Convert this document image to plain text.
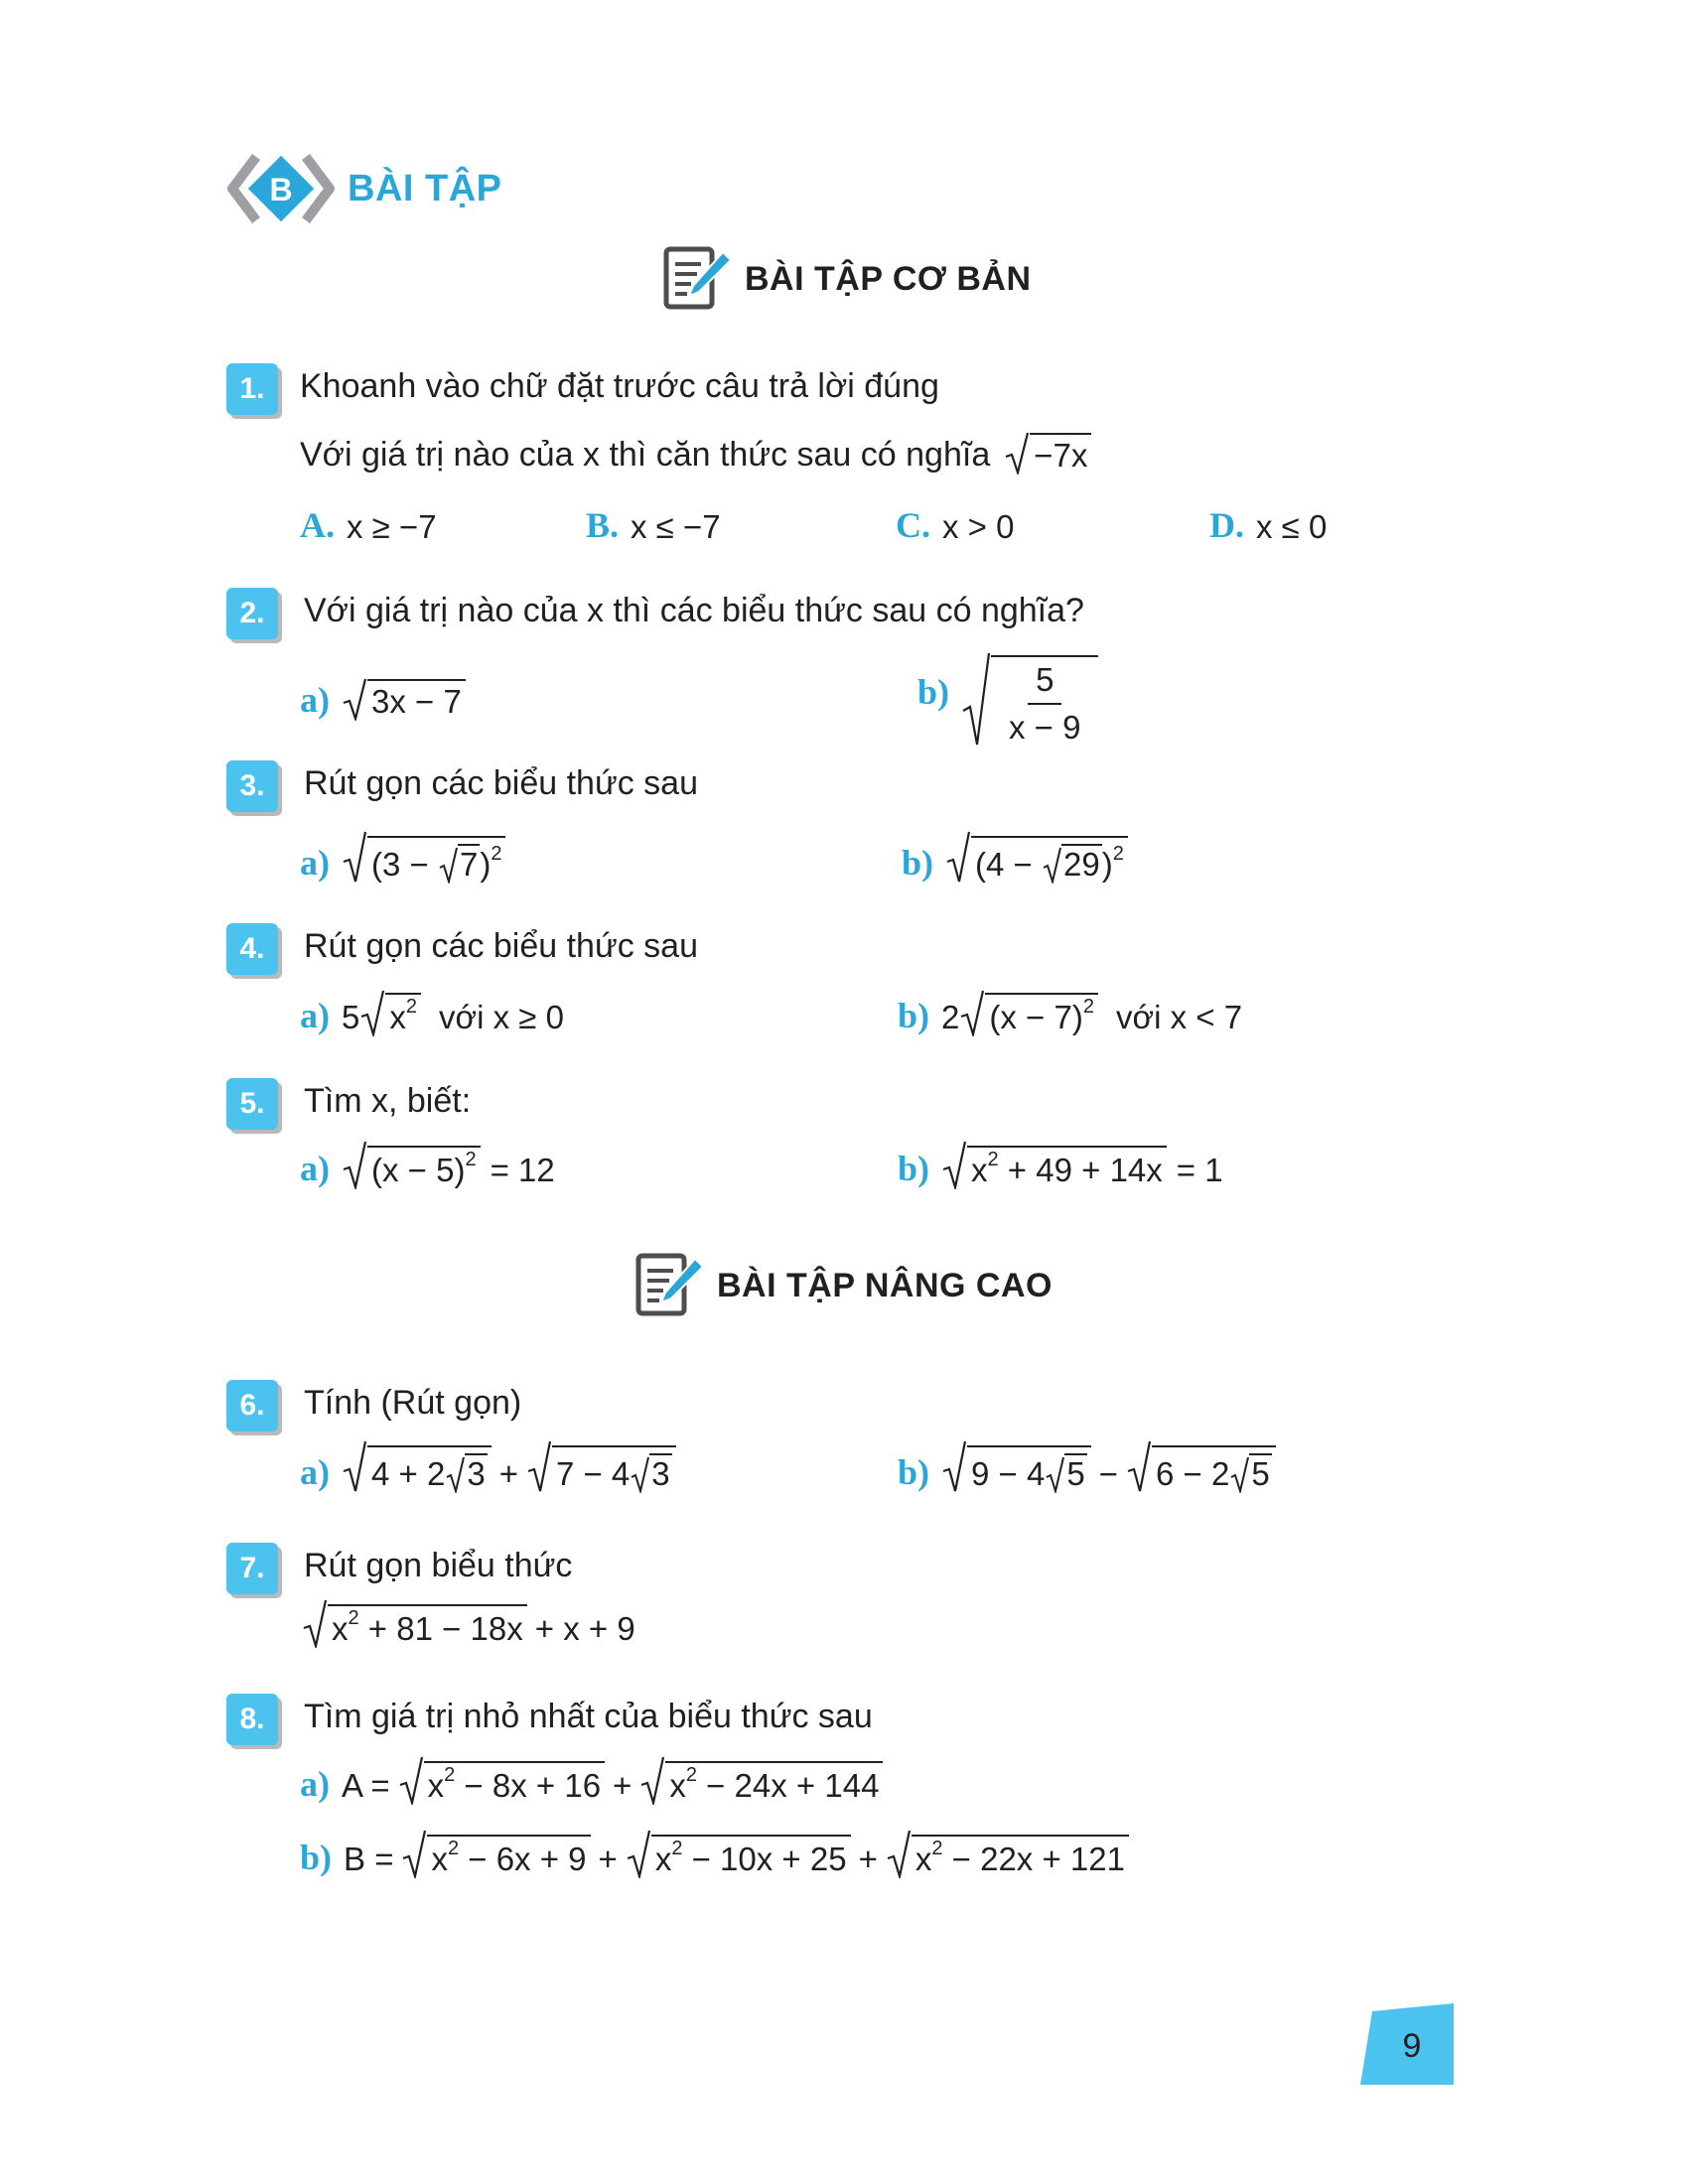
B BÀI TẬP
BÀI TẬP CƠ BẢN
1.	Khoanh vào chữ đặt trước câu trả lời đúng
Với giá trị nào của x thì căn thức sau có nghĩa −7x
A. x ≥ −7	B. x ≤ −7	C. x > 0	D. x ≤ 0
2.	Với giá trị nào của x thì các biểu thức sau có nghĩa?
a) 3x − 7	$b) \frac{5}{x - 9}$
3.	Rút gọn các biểu thức sau
a) (3 − 7 )$^2$	b) (4 − 29 )$^2$
4.	Rút gọn các biểu thức sau
a) 5 $x^2$ với x ≥ 0	b) 2 $(x - 7)^2$ với x < 7
5.	Tìm x, biết:
a) $(x - 5)^2 = 12$	b) $x^2 + 49 + 14x = 1$
BÀI TẬP NÂNG CAO
6.	Tính (Rút gọn)
a) 4 + 2 3 + 7 − 4 3	b) 9 − 4 5 − 6 − 2 5
7.	Rút gọn biểu thức
$x^2 + 81 - 18x + x + 9$
8.	Tìm giá trị nhỏ nhất của biểu thức sau
a) $A = x^2 - 8x + 16 + x^2 - 24x + 144$
b) $B = x^2 - 6x + 9 + x^2 - 10x + 25 + x^2 - 22x + 121$
9
